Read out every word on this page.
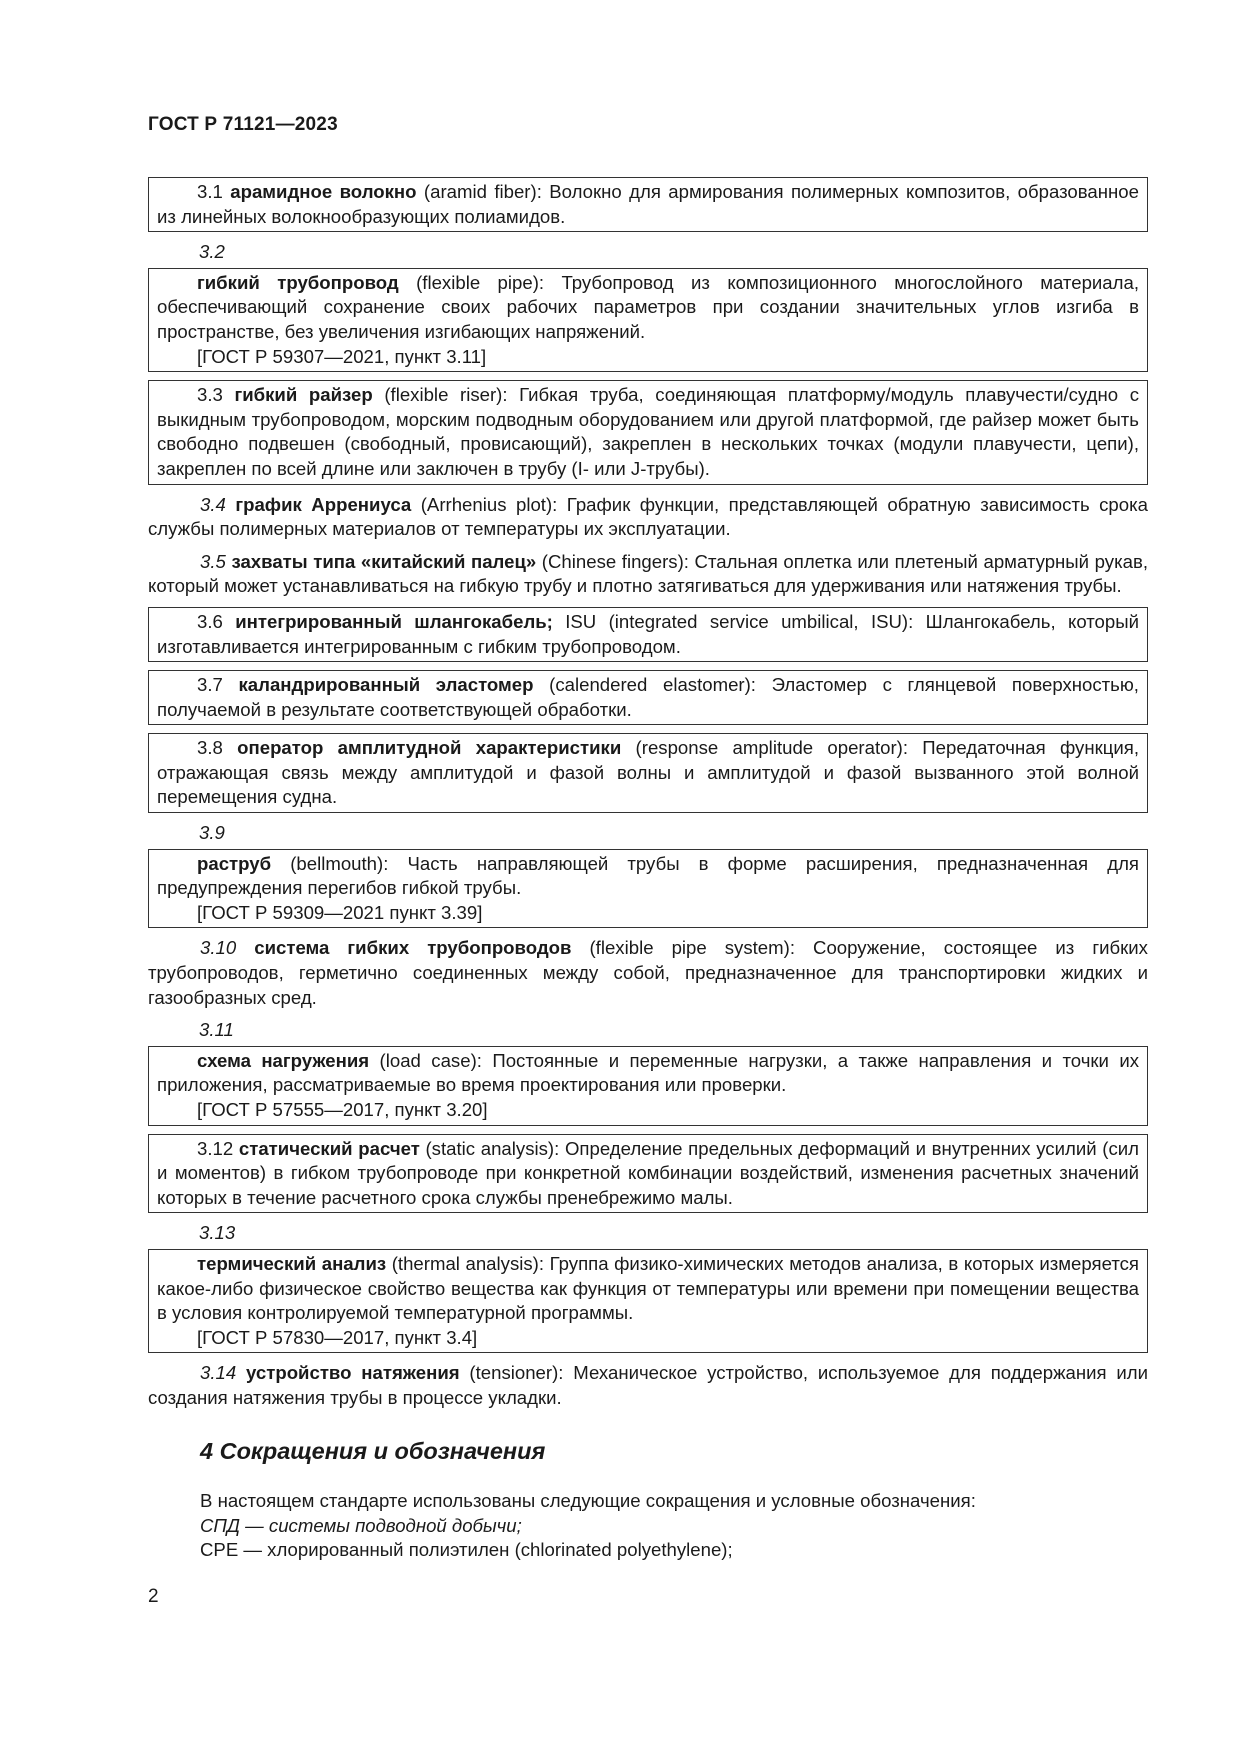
ГОСТ Р 71121—2023

3.1 арамидное волокно (aramid fiber): Волокно для армирования полимерных композитов, образованное из линейных волокнообразующих полиамидов.

3.2

гибкий трубопровод (flexible pipe): Трубопровод из композиционного многослойного материала, обеспечивающий сохранение своих рабочих параметров при создании значительных углов изгиба в пространстве, без увеличения изгибающих напряжений.

[ГОСТ Р 59307—2021, пункт 3.11]

3.3 гибкий райзер (flexible riser): Гибкая труба, соединяющая платформу/модуль плавучести/судно с выкидным трубопроводом, морским подводным оборудованием или другой платформой, где райзер может быть свободно подвешен (свободный, провисающий), закреплен в нескольких точках (модули плавучести, цепи), закреплен по всей длине или заключен в трубу (I- или J-трубы).

3.4 график Аррениуса (Arrhenius plot): График функции, представляющей обратную зависимость срока службы полимерных материалов от температуры их эксплуатации.

3.5 захваты типа «китайский палец» (Chinese fingers): Стальная оплетка или плетеный арматурный рукав, который может устанавливаться на гибкую трубу и плотно затягиваться для удерживания или натяжения трубы.

3.6 интегрированный шлангокабель; ISU (integrated service umbilical, ISU): Шлангокабель, который изготавливается интегрированным с гибким трубопроводом.

3.7 каландрированный эластомер (calendered elastomer): Эластомер с глянцевой поверхностью, получаемой в результате соответствующей обработки.

3.8 оператор амплитудной характеристики (response amplitude operator): Передаточная функция, отражающая связь между амплитудой и фазой волны и амплитудой и фазой вызванного этой волной перемещения судна.

3.9

раструб (bellmouth): Часть направляющей трубы в форме расширения, предназначенная для предупреждения перегибов гибкой трубы.

[ГОСТ Р 59309—2021 пункт 3.39]

3.10 система гибких трубопроводов (flexible pipe system): Сооружение, состоящее из гибких трубопроводов, герметично соединенных между собой, предназначенное для транспортировки жидких и газообразных сред.

3.11

схема нагружения (load case): Постоянные и переменные нагрузки, а также направления и точки их приложения, рассматриваемые во время проектирования или проверки.

[ГОСТ Р 57555—2017, пункт 3.20]

3.12 статический расчет (static analysis): Определение предельных деформаций и внутренних усилий (сил и моментов) в гибком трубопроводе при конкретной комбинации воздействий, изменения расчетных значений которых в течение расчетного срока службы пренебрежимо малы.

3.13

термический анализ (thermal analysis): Группа физико-химических методов анализа, в которых измеряется какое-либо физическое свойство вещества как функция от температуры или времени при помещении вещества в условия контролируемой температурной программы.

[ГОСТ Р 57830—2017, пункт 3.4]

3.14 устройство натяжения (tensioner): Механическое устройство, используемое для поддержания или создания натяжения трубы в процессе укладки.

4 Сокращения и обозначения

В настоящем стандарте использованы следующие сокращения и условные обозначения:

СПД — системы подводной добычи;

CPE — хлорированный полиэтилен (chlorinated polyethylene);

2
